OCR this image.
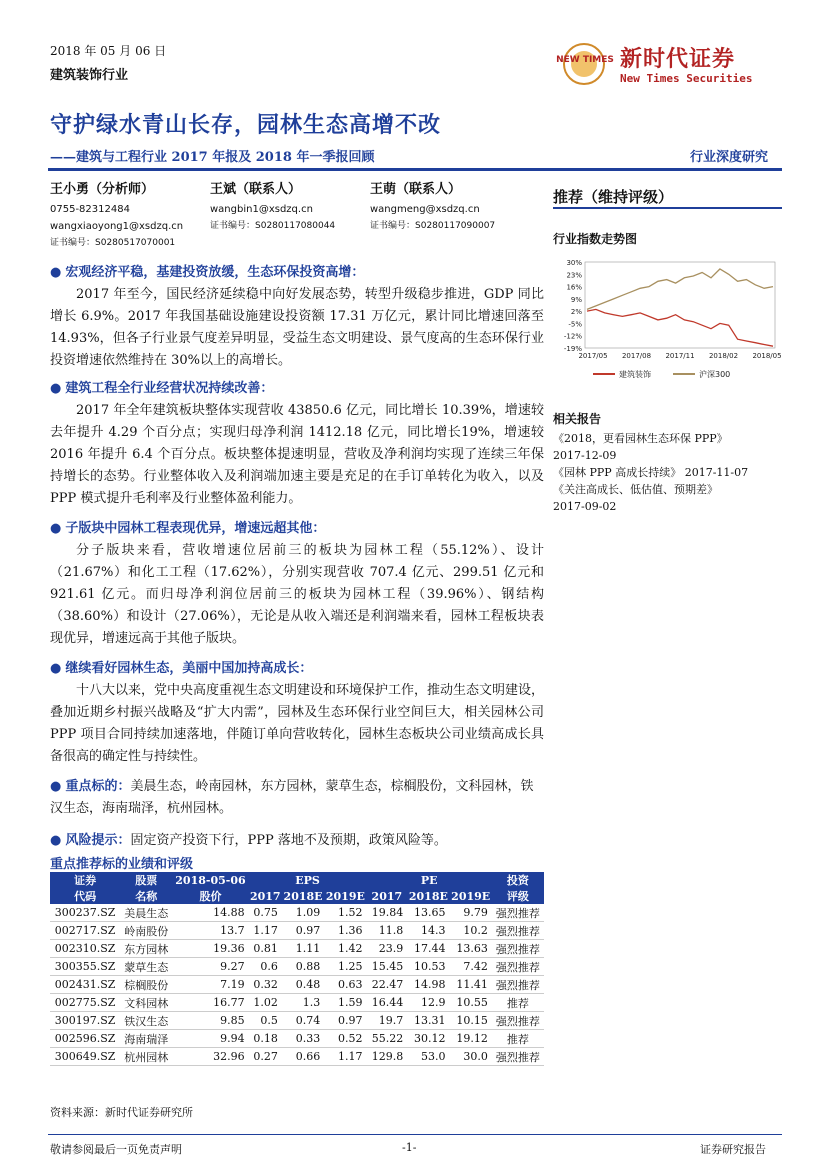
2018 年 05 月 06 日
建筑装饰行业
NEW TIMES 新时代证券
New Times Securities
守护绿水青山长存，园林生态高增不改
——建筑与工程行业 2017 年报及 2018 年一季报回顾	行业深度研究
王小勇（分析师）
0755-82312484
wangxiaoyong1@xsdzq.cn
证书编号：S0280517070001
王斌（联系人）
wangbin1@xsdzq.cn
证书编号：S0280117080044
王萌（联系人）
wangmeng@xsdzq.cn
证书编号：S0280117090007
推荐（维持评级）
行业指数走势图
30%
23%
16%
9%
2%
-5%
-12%
-19%
2017/05 2017/08 2017/11 2018/02 2018/05
建筑装饰	沪深300
相关报告
《2018，更看园林生态环保 PPP》
2017-12-09
《园林 PPP 高成长持续》 2017-11-07
《关注高成长、低估值、预期差》
2017-09-02
● 宏观经济平稳，基建投资放缓，生态环保投资高增：
2017 年至今，国民经济延续稳中向好发展态势，转型升级稳步推进，GDP 同比增长 6.9%。2017 年我国基础设施建设投资额 17.31 万亿元，累计同比增速回落至 14.93%，但各子行业景气度差异明显，受益生态文明建设、景气度高的生态环保行业投资增速依然维持在 30%以上的高增长。
● 建筑工程全行业经营状况持续改善：
2017 年全年建筑板块整体实现营收 43850.6 亿元，同比增长 10.39%，增速较去年提升 4.29 个百分点；实现归母净利润 1412.18 亿元，同比增长19%，增速较 2016 年提升 6.4 个百分点。板块整体提速明显，营收及净利润均实现了连续三年保持增长的态势。行业整体收入及利润端加速主要是充足的在手订单转化为收入，以及 PPP 模式提升毛利率及行业整体盈利能力。
● 子版块中园林工程表现优异，增速远超其他：
分子版块来看，营收增速位居前三的板块为园林工程（55.12%）、设计（21.67%）和化工工程（17.62%），分别实现营收 707.4 亿元、299.51 亿元和 921.61 亿元。而归母净利润位居前三的板块为园林工程（39.96%）、钢结构（38.60%）和设计（27.06%），无论是从收入端还是利润端来看，园林工程板块表现优异，增速远高于其他子版块。
● 继续看好园林生态，美丽中国加持高成长：
十八大以来，党中央高度重视生态文明建设和环境保护工作，推动生态文明建设，叠加近期乡村振兴战略及“扩大内需”，园林及生态环保行业空间巨大，相关园林公司 PPP 项目合同持续加速落地，伴随订单向营收转化，园林生态板块公司业绩高成长具备很高的确定性与持续性。
● 重点标的：美晨生态，岭南园林，东方园林，蒙草生态，棕榈股份，文科园林，铁汉生态，海南瑞泽，杭州园林。
● 风险提示：固定资产投资下行，PPP 落地不及预期，政策风险等。
重点推荐标的业绩和评级
证券	股票	2018-05-06	EPS			PE			投资
代码	名称	股价	2017	2018E	2019E	2017	2018E	2019E	评级
300237.SZ	美晨生态	14.88	0.75	1.09	1.52	19.84	13.65	9.79	强烈推荐
002717.SZ	岭南股份	13.7	1.17	0.97	1.36	11.8	14.3	10.2	强烈推荐
002310.SZ	东方园林	19.36	0.81	1.11	1.42	23.9	17.44	13.63	强烈推荐
300355.SZ	蒙草生态	9.27	0.6	0.88	1.25	15.45	10.53	7.42	强烈推荐
002431.SZ	棕榈股份	7.19	0.32	0.48	0.63	22.47	14.98	11.41	强烈推荐
002775.SZ	文科园林	16.77	1.02	1.3	1.59	16.44	12.9	10.55	推荐
300197.SZ	铁汉生态	9.85	0.5	0.74	0.97	19.7	13.31	10.15	强烈推荐
002596.SZ	海南瑞泽	9.94	0.18	0.33	0.52	55.22	30.12	19.12	推荐
300649.SZ	杭州园林	32.96	0.27	0.66	1.17	129.8	53.0	30.0	强烈推荐
资料来源：新时代证券研究所
敬请参阅最后一页免责声明	-1-	证券研究报告
